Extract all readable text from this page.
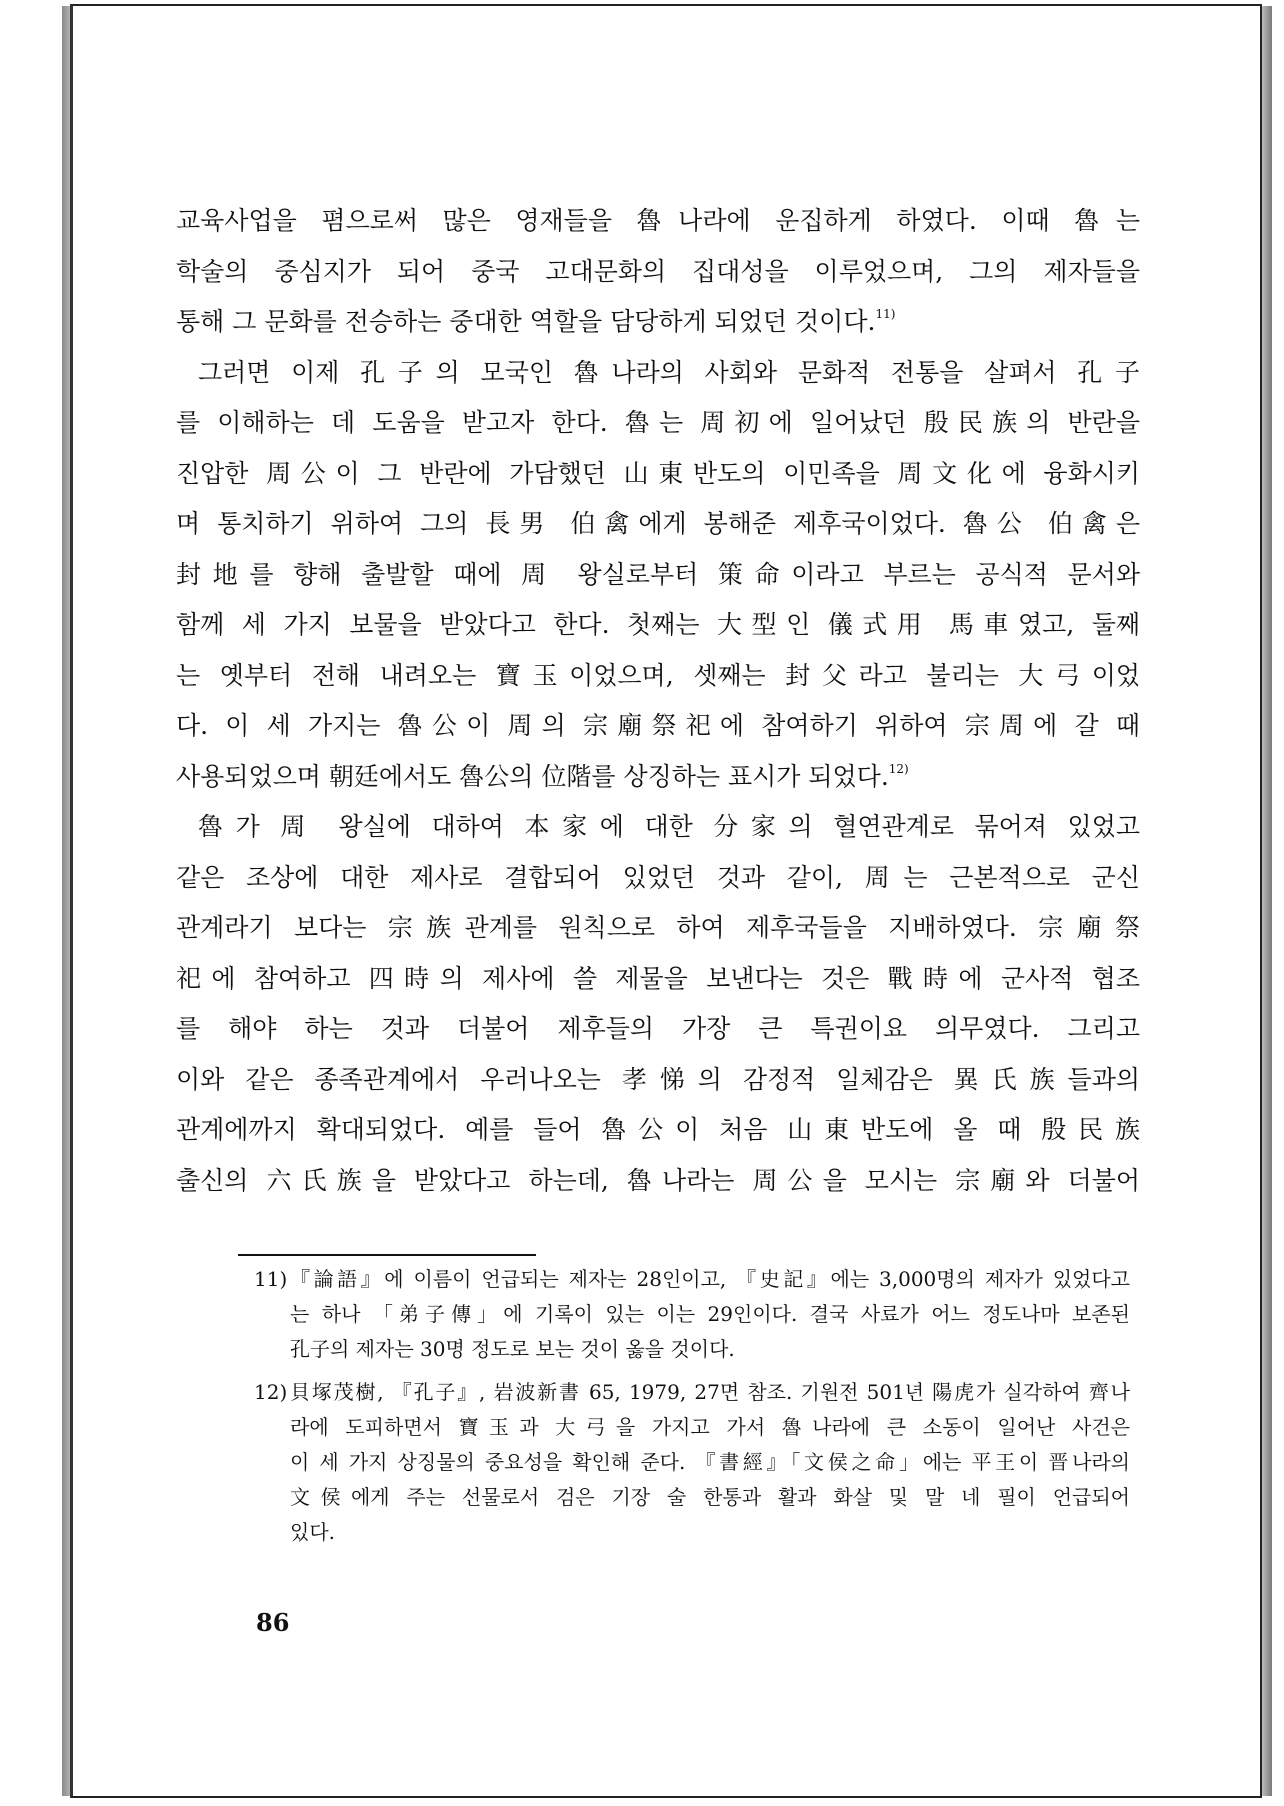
교육사업을 폄으로써 많은 영재들을 魯나라에 운집하게 하였다. 이때 魯는
학술의 중심지가 되어 중국 고대문화의 집대성을 이루었으며, 그의 제자들을
통해 그 문화를 전승하는 중대한 역할을 담당하게 되었던 것이다.$^{11)}$
그러면 이제 孔子의 모국인 魯나라의 사회와 문화적 전통을 살펴서 孔子
를 이해하는 데 도움을 받고자 한다. 魯는 周初에 일어났던 殷民族의 반란을
진압한 周公이 그 반란에 가담했던 山東반도의 이민족을 周文化에 융화시키
며 통치하기 위하여 그의 長男 伯禽에게 봉해준 제후국이었다. 魯公 伯禽은
封地를 향해 출발할 때에 周 왕실로부터 策命이라고 부르는 공식적 문서와
함께 세 가지 보물을 받았다고 한다. 첫째는 大型인 儀式用 馬車였고, 둘째
는 옛부터 전해 내려오는 寶玉이었으며, 셋째는 封父라고 불리는 大弓이었
다. 이 세 가지는 魯公이 周의 宗廟祭祀에 참여하기 위하여 宗周에 갈 때
사용되었으며 朝廷에서도 魯公의 位階를 상징하는 표시가 되었다.$^{12)}$
魯가 周 왕실에 대하여 本家에 대한 分家의 혈연관계로 묶어져 있었고
같은 조상에 대한 제사로 결합되어 있었던 것과 같이, 周는 근본적으로 군신
관계라기 보다는 宗族관계를 원칙으로 하여 제후국들을 지배하였다. 宗廟祭
祀에 참여하고 四時의 제사에 쓸 제물을 보낸다는 것은 戰時에 군사적 협조
를 해야 하는 것과 더불어 제후들의 가장 큰 특권이요 의무였다. 그리고
이와 같은 종족관계에서 우러나오는 孝悌의 감정적 일체감은 異氏族들과의
관계에까지 확대되었다. 예를 들어 魯公이 처음 山東반도에 올 때 殷民族
출신의 六氏族을 받았다고 하는데, 魯나라는 周公을 모시는 宗廟와 더불어
11) 『論語』에 이름이 언급되는 제자는 28인이고, 『史記』에는 3,000명의 제자가 있었다고
는 하나 「弟子傳」에 기록이 있는 이는 29인이다. 결국 사료가 어느 정도나마 보존된
孔子의 제자는 30명 정도로 보는 것이 옳을 것이다.
12) 貝塚茂樹, 『孔子』, 岩波新書 65, 1979, 27면 참조. 기원전 501년 陽虎가 실각하여 齊나
라에 도피하면서 寶玉과 大弓을 가지고 가서 魯나라에 큰 소동이 일어난 사건은
이 세 가지 상징물의 중요성을 확인해 준다. 『書經』「文侯之命」에는 平王이 晋나라의
文侯에게 주는 선물로서 검은 기장 술 한통과 활과 화살 및 말 네 필이 언급되어
있다.
86
